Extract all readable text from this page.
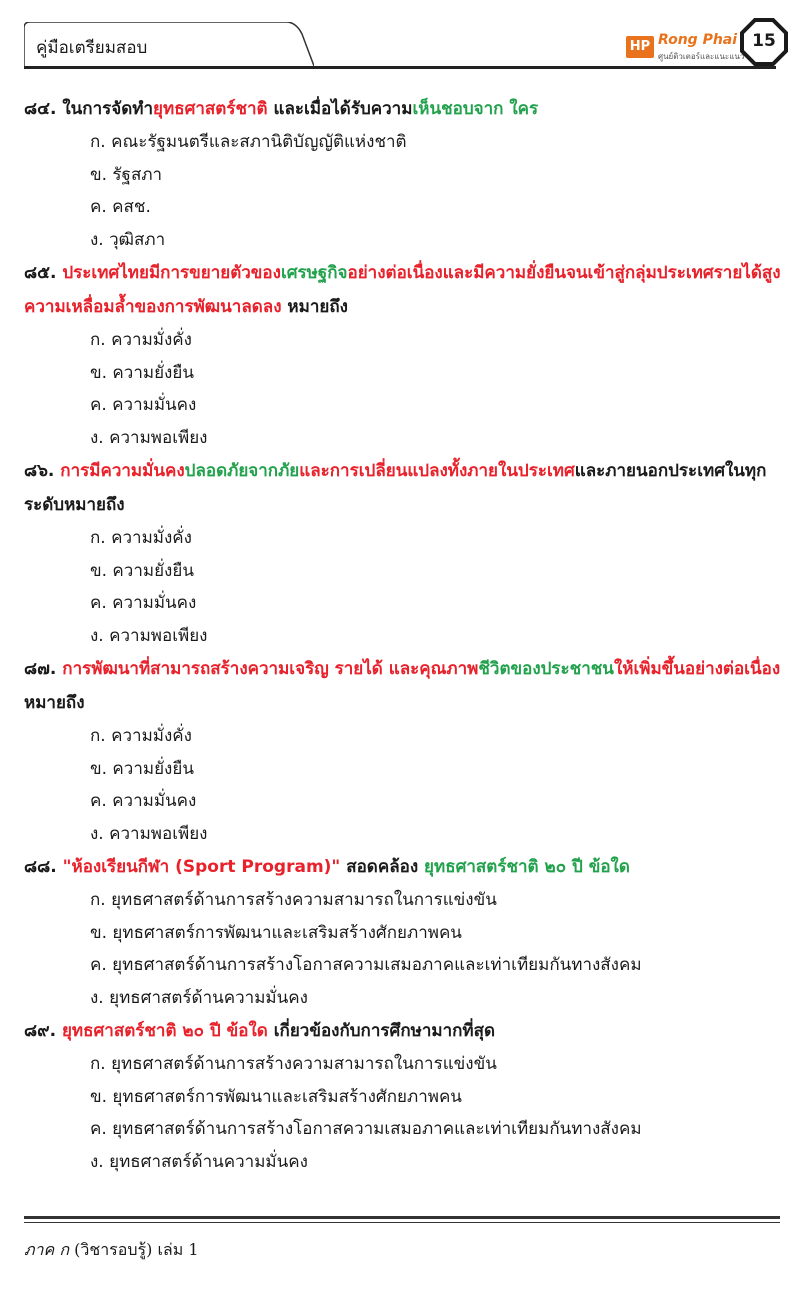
คู่มือเตรียมสอบ	HP Rong Phai
ศูนย์ติวเตอร์และแนะแนว
15
๘๔. ในการจัดทำยุทธศาสตร์ชาติ และเมื่อได้รับความเห็นชอบจาก ใคร
ก. คณะรัฐมนตรีและสภานิติบัญญัติแห่งชาติ
ข. รัฐสภา
ค. คสช.
ง. วุฒิสภา
๘๕. ประเทศไทยมีการขยายตัวของเศรษฐกิจอย่างต่อเนื่องและมีความยั่งยืนจนเข้าสู่กลุ่มประเทศรายได้สูง ความเหลื่อมล้ำของการพัฒนาลดลง หมายถึง
ก. ความมั่งคั่ง
ข. ความยั่งยืน
ค. ความมั่นคง
ง. ความพอเพียง
๘๖. การมีความมั่นคงปลอดภัยจากภัยและการเปลี่ยนแปลงทั้งภายในประเทศและภายนอกประเทศในทุกระดับหมายถึง
ก. ความมั่งคั่ง
ข. ความยั่งยืน
ค. ความมั่นคง
ง. ความพอเพียง
๘๗. การพัฒนาที่สามารถสร้างความเจริญ รายได้ และคุณภาพชีวิตของประชาชนให้เพิ่มขึ้นอย่างต่อเนื่องหมายถึง
ก. ความมั่งคั่ง
ข. ความยั่งยืน
ค. ความมั่นคง
ง. ความพอเพียง
๘๘. "ห้องเรียนกีฬา (Sport Program)" สอดคล้อง ยุทธศาสตร์ชาติ ๒๐ ปี ข้อใด
ก. ยุทธศาสตร์ด้านการสร้างความสามารถในการแข่งขัน
ข. ยุทธศาสตร์การพัฒนาและเสริมสร้างศักยภาพคน
ค. ยุทธศาสตร์ด้านการสร้างโอกาสความเสมอภาคและเท่าเทียมกันทางสังคม
ง. ยุทธศาสตร์ด้านความมั่นคง
๘๙. ยุทธศาสตร์ชาติ ๒๐ ปี ข้อใด เกี่ยวข้องกับการศึกษามากที่สุด
ก. ยุทธศาสตร์ด้านการสร้างความสามารถในการแข่งขัน
ข. ยุทธศาสตร์การพัฒนาและเสริมสร้างศักยภาพคน
ค. ยุทธศาสตร์ด้านการสร้างโอกาสความเสมอภาคและเท่าเทียมกันทางสังคม
ง. ยุทธศาสตร์ด้านความมั่นคง
ภาค ก (วิชารอบรู้) เล่ม 1
